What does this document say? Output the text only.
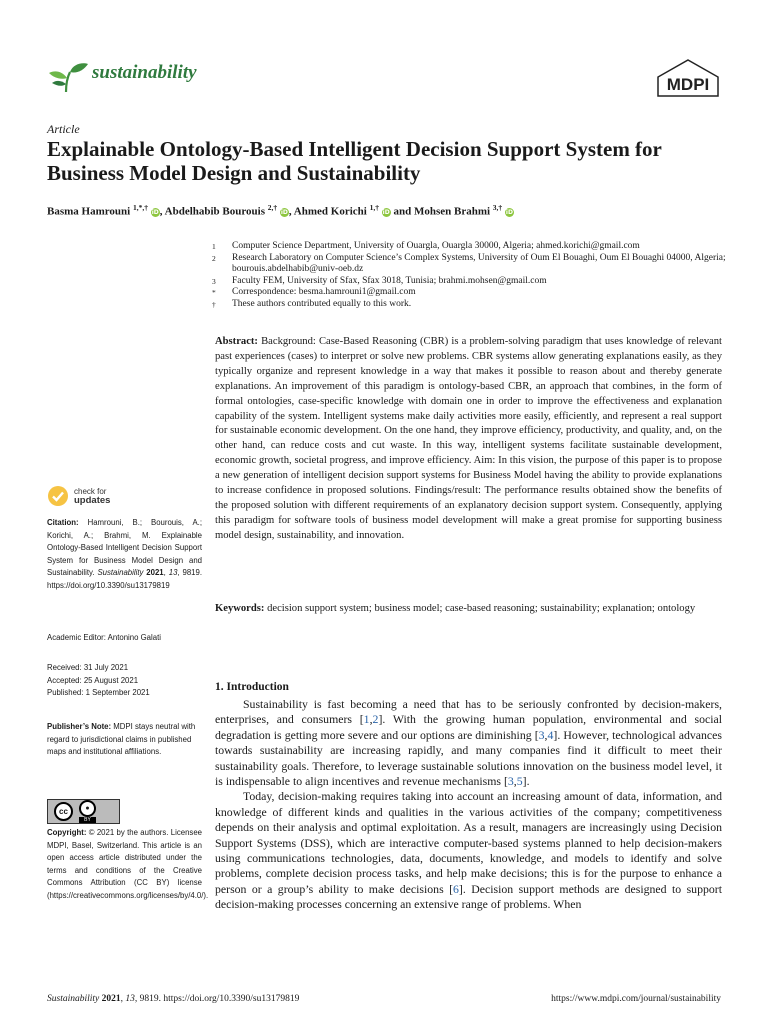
sustainability
MDPI
Article
Explainable Ontology-Based Intelligent Decision Support System for Business Model Design and Sustainability
Basma Hamrouni $^{1,*,\dagger}$ iD, Abdelhabib Bourouis $^{2,\dagger}$ iD, Ahmed Korichi $^{1,\dagger}$ iD and Mohsen Brahmi $^{3,\dagger}$ iD
1	Computer Science Department, University of Ouargla, Ouargla 30000, Algeria; ahmed.korichi@gmail.com
2	Research Laboratory on Computer Science’s Complex Systems, University of Oum El Bouaghi, Oum El Bouaghi 04000, Algeria; bourouis.abdelhabib@univ-oeb.dz
3	Faculty FEM, University of Sfax, Sfax 3018, Tunisia; brahmi.mohsen@gmail.com
*	Correspondence: besma.hamrouni1@gmail.com
†	These authors contributed equally to this work.

Abstract: Background: Case-Based Reasoning (CBR) is a problem-solving paradigm that uses knowledge of relevant past experiences (cases) to interpret or solve new problems. CBR systems allow generating explanations easily, as they typically organize and represent knowledge in a way that makes it possible to reason about and thereby generate explanations. An improvement of this paradigm is ontology-based CBR, an approach that combines, in the form of formal ontologies, case-specific knowledge with domain one in order to improve the effectiveness and explanation capability of the system. Intelligent systems make daily activities more easily, efficiently, and represent a real support for sustainable economic development. On the one hand, they improve efficiency, productivity, and quality, and, on the other hand, can reduce costs and cut waste. In this way, intelligent systems facilitate sustainable development, economic growth, societal progress, and improve efficiency. Aim: In this vision, the purpose of this paper is to propose a new generation of intelligent decision support systems for Business Model having the ability to provide explanations to increase confidence in proposed solutions. Findings/result: The performance results obtained show the benefits of the proposed solution with different requirements of an explanatory decision support system. Consequently, applying this paradigm for software tools of business model development will make a great promise for supporting business model design, sustainability, and innovation.

Keywords: decision support system; business model; case-based reasoning; sustainability; explanation; ontology

check for
updates

Citation: Hamrouni, B.; Bourouis, A.; Korichi, A.; Brahmi, M. Explainable Ontology-Based Intelligent Decision Support System for Business Model Design and Sustainability. Sustainability 2021, 13, 9819. https://doi.org/10.3390/su13179819

Academic Editor: Antonino Galati
Received: 31 July 2021
Accepted: 25 August 2021
Published: 1 September 2021

Publisher’s Note: MDPI stays neutral with regard to jurisdictional claims in published maps and institutional affiliations.

cc	●
BY

Copyright: © 2021 by the authors. Licensee MDPI, Basel, Switzerland. This article is an open access article distributed under the terms and conditions of the Creative Commons Attribution (CC BY) license (https://creativecommons.org/licenses/by/4.0/).

1. Introduction

Sustainability is fast becoming a need that has to be seriously confronted by decision-makers, enterprises, and consumers [1,2]. With the growing human population, environmental and social degradation is getting more severe and our options are diminishing [3,4]. However, technological advances towards sustainability are increasing rapidly, and many companies find it difficult to meet their sustainability goals. Therefore, to leverage sustainable solutions innovation on the business model level, it is indispensable to align incentives and revenue mechanisms [3,5].

Today, decision-making requires taking into account an increasing amount of data, information, and knowledge of different kinds and qualities in the various activities of the company; competitiveness depends on their analysis and optimal exploitation. As a result, managers are increasingly using Decision Support Systems (DSS), which are interactive computer-based systems planned to help decision-makers using communications technologies, data, documents, knowledge, and models to identify and solve problems, complete decision process tasks, and help make decisions; this is for the purpose to enhance a person or a group’s ability to make decisions [6]. Decision support methods are designed to support decision-making processes concerning an extensive range of problems. When

Sustainability 2021, 13, 9819. https://doi.org/10.3390/su13179819	https://www.mdpi.com/journal/sustainability
